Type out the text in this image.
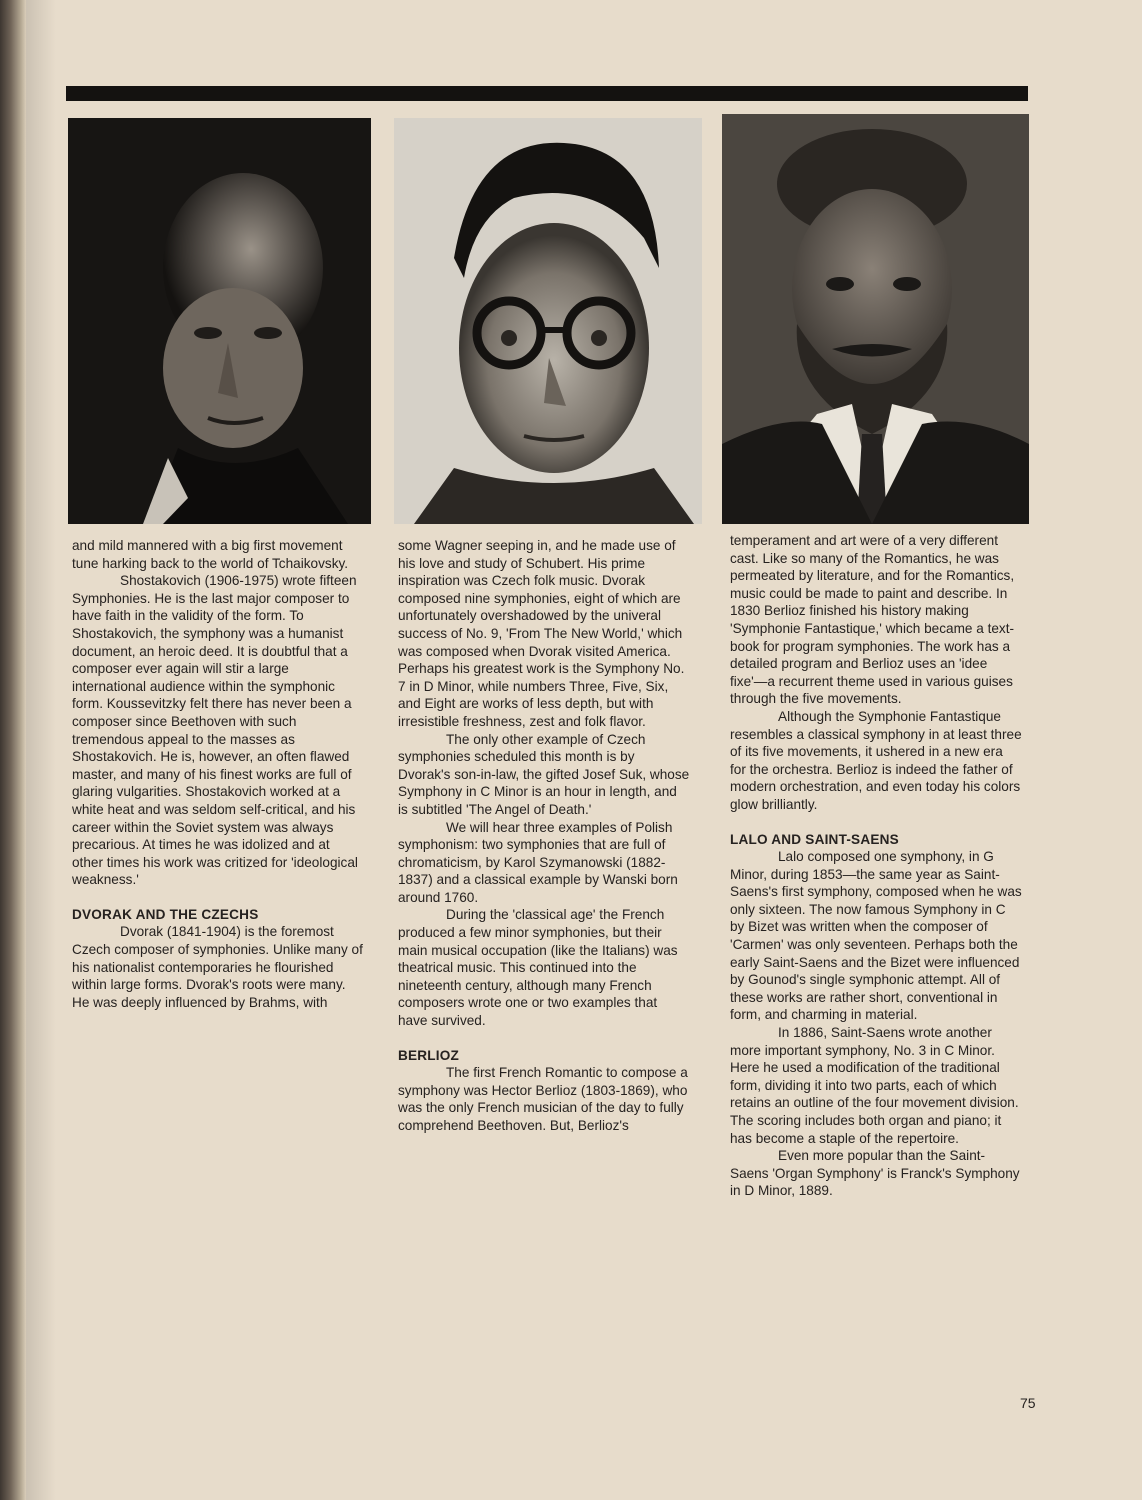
and mild mannered with a big first movement tune harking back to the world of Tchaikovsky.

Shostakovich (1906-1975) wrote fifteen Symphonies. He is the last major composer to have faith in the validity of the form. To Shostakovich, the symphony was a humanist document, an heroic deed. It is doubtful that a composer ever again will stir a large international audience within the symphonic form. Koussevitzky felt there has never been a composer since Beethoven with such tremendous appeal to the masses as Shostakovich. He is, however, an often flawed master, and many of his finest works are full of glaring vulgarities. Shostakovich worked at a white heat and was seldom self-critical, and his career within the Soviet system was always precarious. At times he was idolized and at other times his work was critized for 'ideological weakness.'

DVORAK AND THE CZECHS

Dvorak (1841-1904) is the foremost Czech composer of symphonies. Unlike many of his nationalist contemporaries he flourished within large forms. Dvorak's roots were many. He was deeply influenced by Brahms, with

some Wagner seeping in, and he made use of his love and study of Schubert. His prime inspiration was Czech folk music. Dvorak composed nine symphonies, eight of which are unfortunately overshadowed by the univeral success of No. 9, 'From The New World,' which was composed when Dvorak visited America. Perhaps his greatest work is the Symphony No. 7 in D Minor, while numbers Three, Five, Six, and Eight are works of less depth, but with irresistible freshness, zest and folk flavor.

The only other example of Czech symphonies scheduled this month is by Dvorak's son-in-law, the gifted Josef Suk, whose Symphony in C Minor is an hour in length, and is subtitled 'The Angel of Death.'

We will hear three examples of Polish symphonism: two symphonies that are full of chromaticism, by Karol Szymanowski (1882-1837) and a classical example by Wanski born around 1760.

During the 'classical age' the French produced a few minor symphonies, but their main musical occupation (like the Italians) was theatrical music. This continued into the nineteenth century, although many French composers wrote one or two examples that have survived.

BERLIOZ

The first French Romantic to compose a symphony was Hector Berlioz (1803-1869), who was the only French musician of the day to fully comprehend Beethoven. But, Berlioz's

temperament and art were of a very different cast. Like so many of the Romantics, he was permeated by literature, and for the Romantics, music could be made to paint and describe. In 1830 Berlioz finished his history making 'Symphonie Fantastique,' which became a text-book for program symphonies. The work has a detailed program and Berlioz uses an 'idee fixe'—a recurrent theme used in various guises through the five movements.

Although the Symphonie Fantastique resembles a classical symphony in at least three of its five movements, it ushered in a new era for the orchestra. Berlioz is indeed the father of modern orchestration, and even today his colors glow brilliantly.

LALO AND SAINT-SAENS

Lalo composed one symphony, in G Minor, during 1853—the same year as Saint-Saens's first symphony, composed when he was only sixteen. The now famous Symphony in C by Bizet was written when the composer of 'Carmen' was only seventeen. Perhaps both the early Saint-Saens and the Bizet were influenced by Gounod's single symphonic attempt. All of these works are rather short, conventional in form, and charming in material.

In 1886, Saint-Saens wrote another more important symphony, No. 3 in C Minor. Here he used a modification of the traditional form, dividing it into two parts, each of which retains an outline of the four movement division. The scoring includes both organ and piano; it has become a staple of the repertoire.

Even more popular than the Saint-Saens 'Organ Symphony' is Franck's Symphony in D Minor, 1889.

75
